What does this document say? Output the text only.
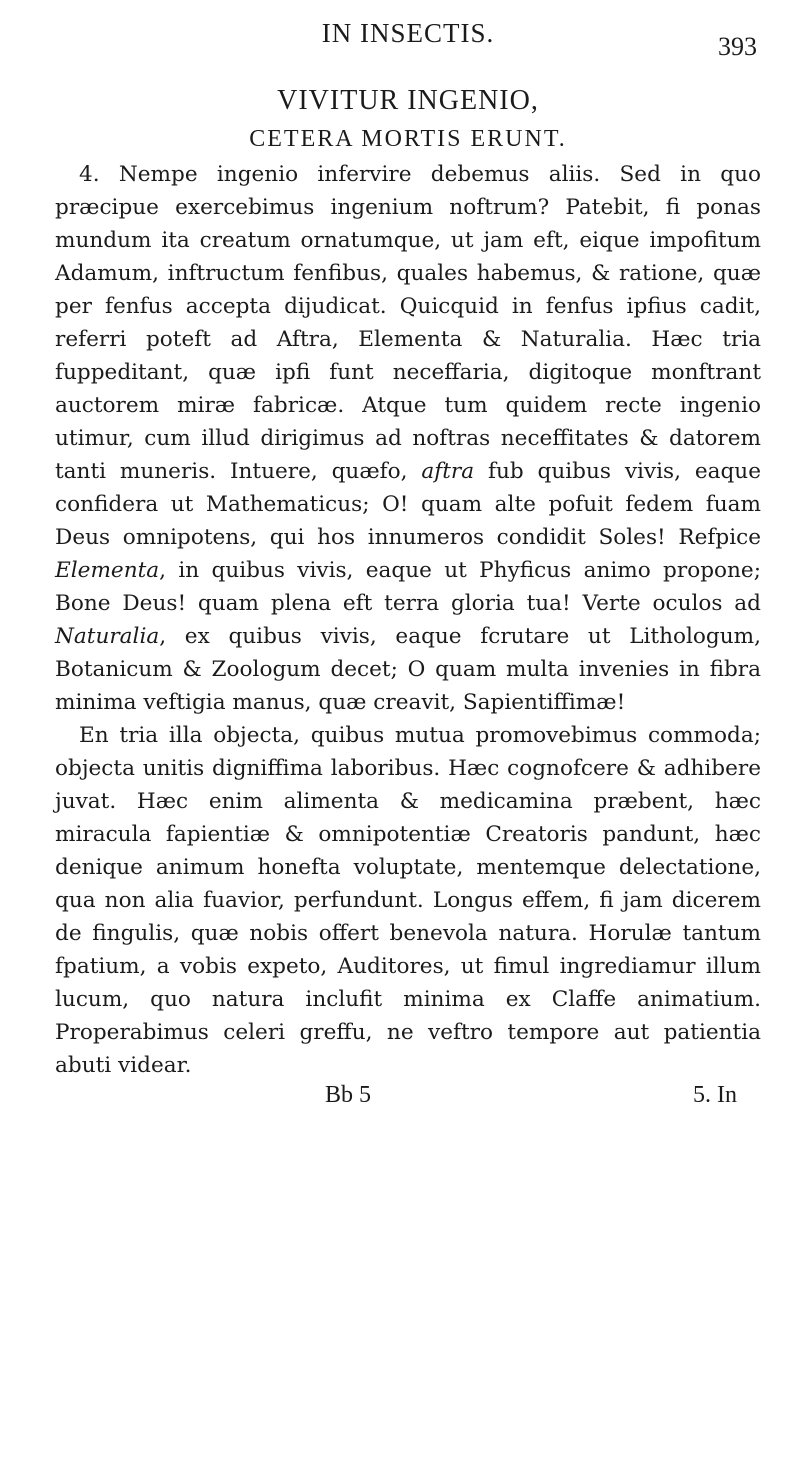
IN INSECTIS.	393
VIVITUR INGENIO,
CETERA MORTIS ERUNT.

4. Nempe ingenio infervire debemus aliis. Sed in quo præcipue exercebimus ingenium noftrum? Patebit, fi ponas mundum ita creatum ornatumque, ut jam eft, eique impofitum Adamum, inftructum fenfibus, quales habemus, & ratione, quæ per fenfus accepta dijudicat. Quicquid in fenfus ipfius cadit, referri poteft ad Aftra, Elementa & Naturalia. Hæc tria fuppeditant, quæ ipfi funt neceffaria, digitoque monftrant auctorem miræ fabricæ. Atque tum quidem recte ingenio utimur, cum illud dirigimus ad noftras neceffitates & datorem tanti muneris. Intuere, quæfo, aftra fub quibus vivis, eaque confidera ut Mathematicus; O! quam alte pofuit fedem fuam Deus omnipotens, qui hos innumeros condidit Soles! Refpice Elementa, in quibus vivis, eaque ut Phyficus animo propone; Bone Deus! quam plena eft terra gloria tua! Verte oculos ad Naturalia, ex quibus vivis, eaque fcrutare ut Lithologum, Botanicum & Zoologum decet; O quam multa invenies in fibra minima veftigia manus, quæ creavit, Sapientiffimæ!

En tria illa objecta, quibus mutua promovebimus commoda; objecta unitis digniffima laboribus. Hæc cognofcere & adhibere juvat. Hæc enim alimenta & medicamina præbent, hæc miracula fapientiæ & omnipotentiæ Creatoris pandunt, hæc denique animum honefta voluptate, mentemque delectatione, qua non alia fuavior, perfundunt. Longus effem, fi jam dicerem de fingulis, quæ nobis offert benevola natura. Horulæ tantum fpatium, a vobis expeto, Auditores, ut fimul ingrediamur illum lucum, quo natura inclufit minima ex Claffe animatium. Properabimus celeri greffu, ne veftro tempore aut patientia abuti videar.

Bb 5	5. In
